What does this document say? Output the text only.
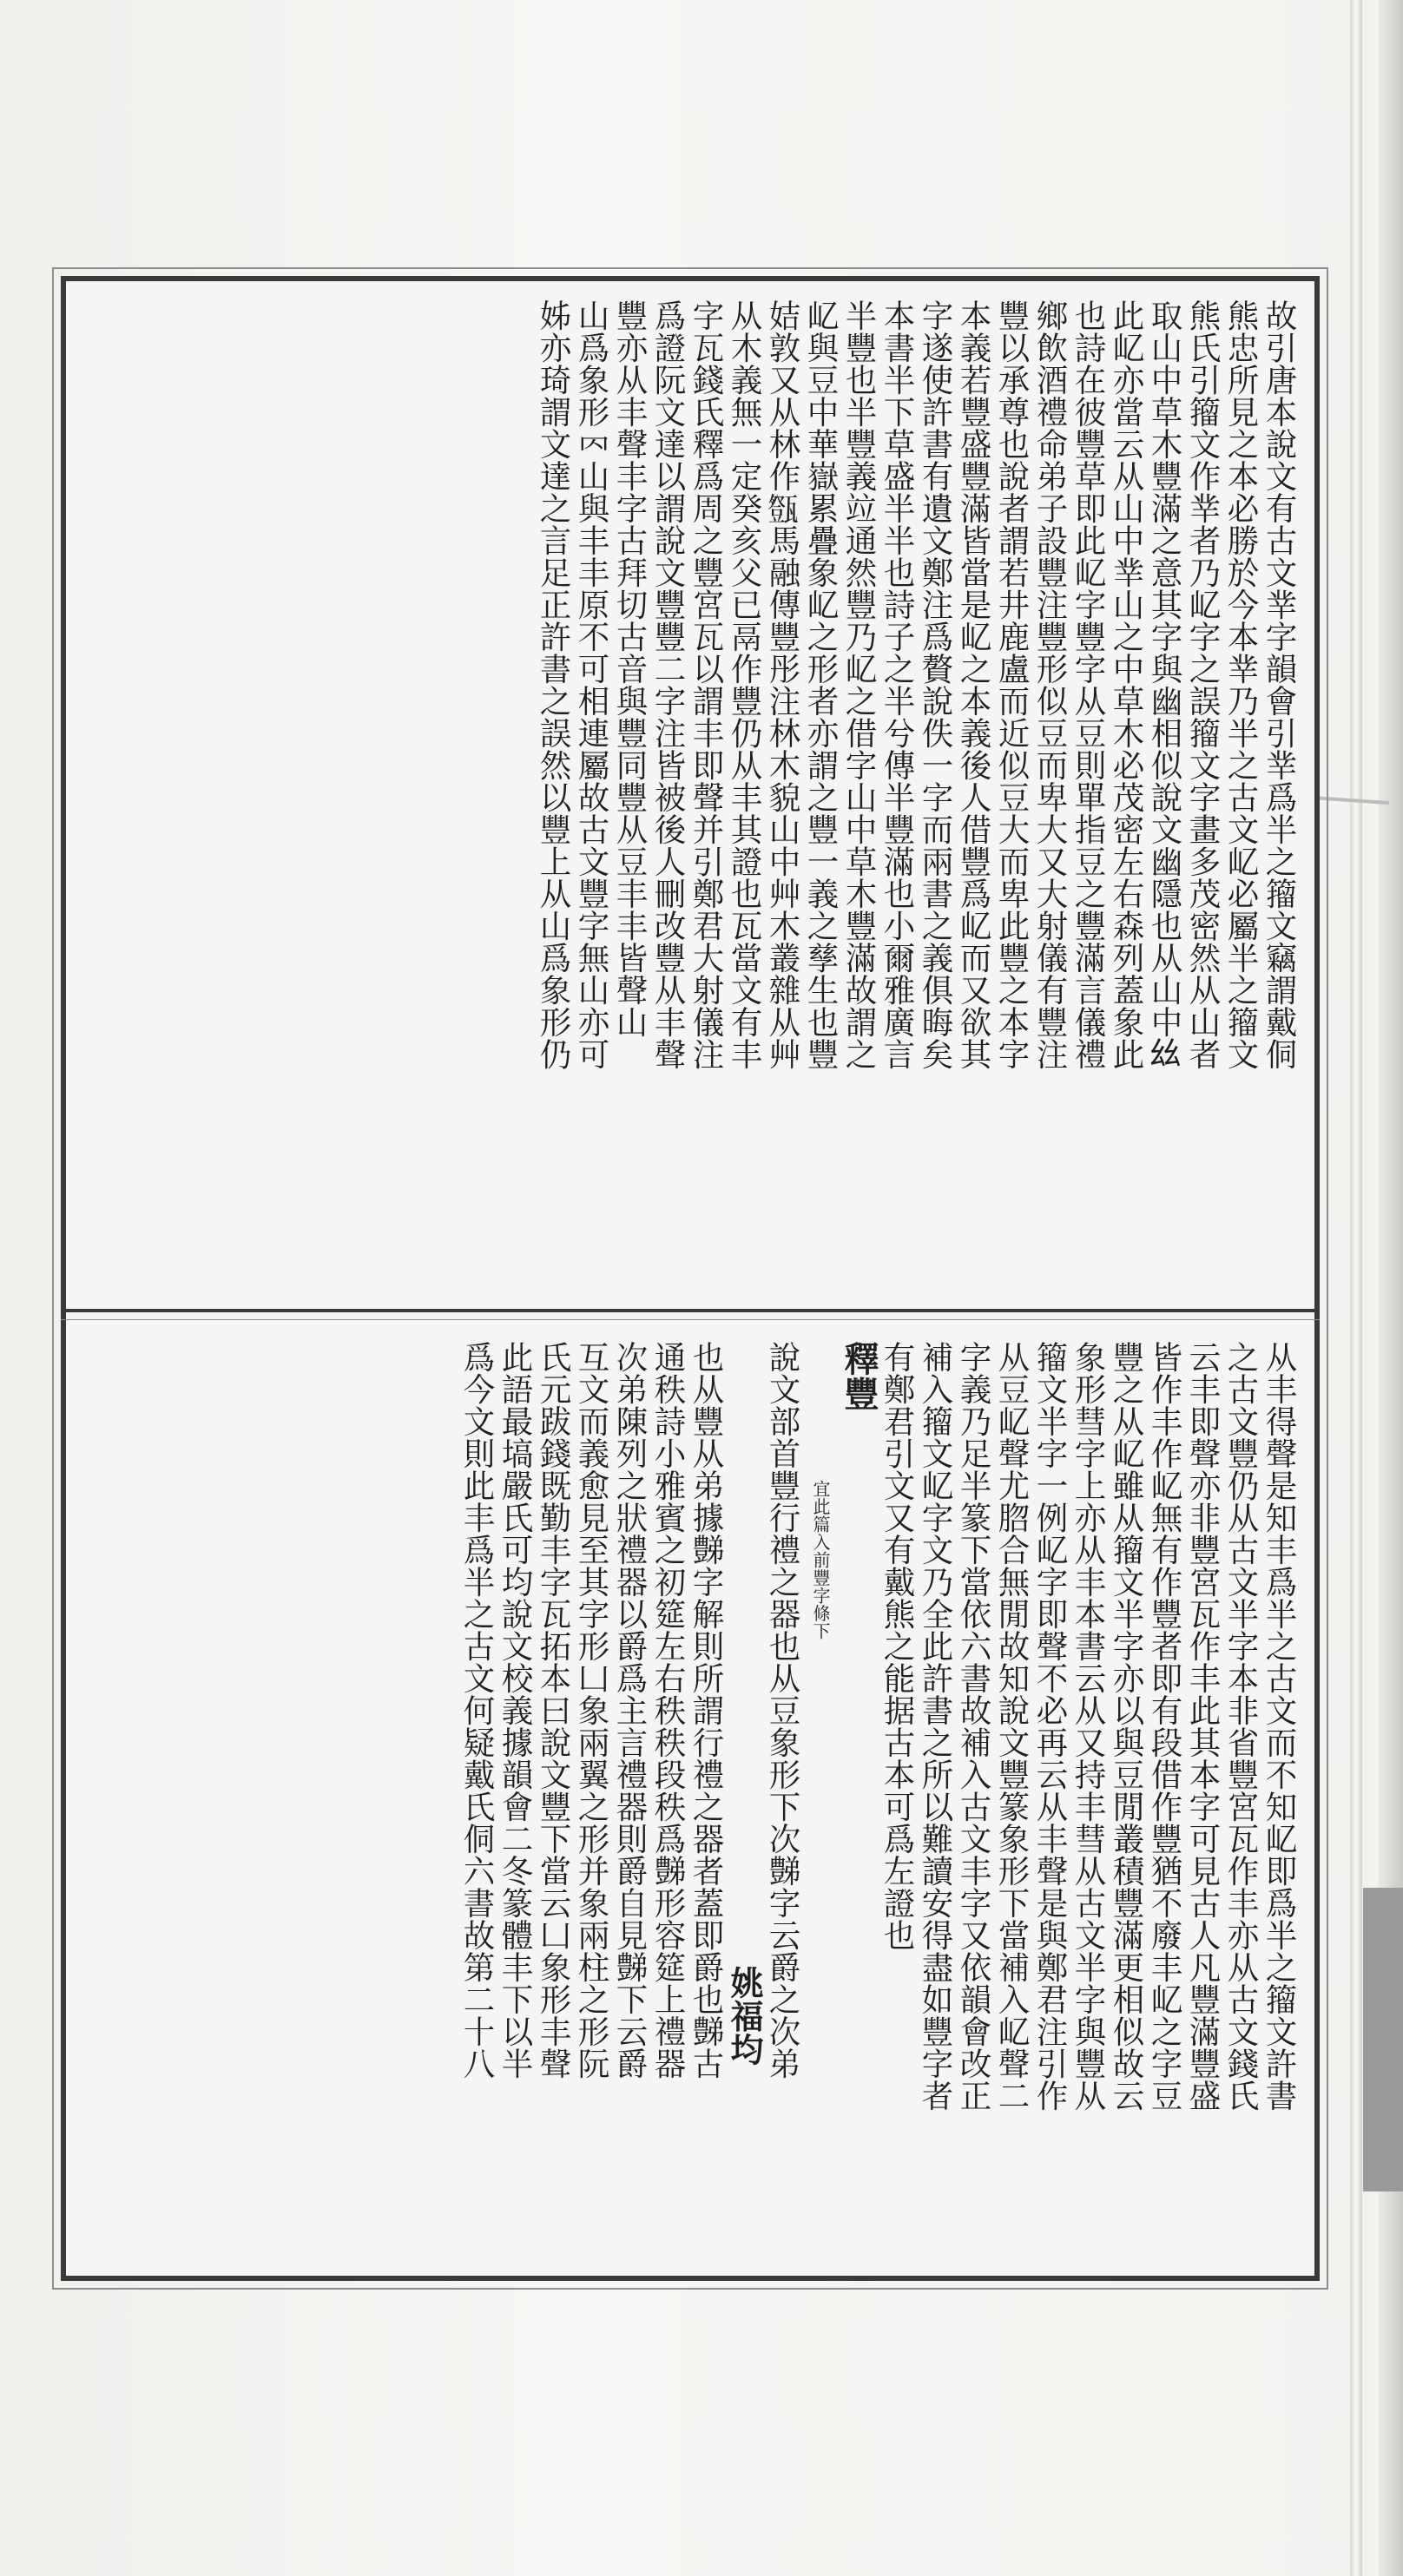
故引唐本說文有古文丵字韻會引丵爲半之籀文竊謂戴侗
熊忠所見之本必勝於今本丵乃半之古文𡴭必屬半之籀文
熊氏引籀文作丵者乃𡴭字之誤籀文字畫多茂密然从山者
取山中草木豐滿之意其字與幽相似說文幽隱也从山中𢆶
此𡴭亦當云从山中丵山之中草木必茂密左右森列蓋象此
也詩在彼豐草即此𡴭字豐字从豆則單指豆之豐滿言儀禮
鄉飲酒禮命弟子設豐注豐形似豆而卑大又大射儀有豐注
豐以承尊也說者謂若井鹿盧而近似豆大而卑此豐之本字
本義若豐盛豐滿皆當是𡴭之本義後人借豐爲𡴭而又欲其
字遂使許書有遺文鄭注爲贅說佚一字而兩書之義俱晦矣
本書半下草盛半半也詩子之半兮傳半豐滿也小爾雅廣言
半豐也半豐義竝通然豐乃𡴭之借字山中草木豐滿故謂之
𡴭與豆中華嶽累疊象𡴭之形者亦謂之豐一義之孳生也豐
姞敦又从林作𤮘馬融傳豐彤注林木貌山中艸木叢雜从艸
从木義無一定癸亥父已鬲作豐仍从丰其證也瓦當文有丰
字瓦錢氏釋爲周之豐宮瓦以謂丰即聲并引鄭君大射儀注
爲證阮文達以謂說文豐豐二字注皆被後人刪改豐从丰聲
豐亦从丰聲丰字古拜切古音與豐同豐从豆丰丰皆聲山
山爲象形𠔿山與丰丰原不可相連屬故古文豐字無山亦可
姊亦琦謂文達之言足正許書之誤然以豐上从山爲象形仍
从丰得聲是知丰爲半之古文而不知𡴭即爲半之籀文許書
之古文豐仍从古文半字本非省豐宮瓦作丰亦从古文錢氏
云丰即聲亦非豐宮瓦作丰此其本字可見古人凡豐滿豐盛
皆作丰作𡴭無有作豐者即有段借作豐猶不廢丰𡴭之字豆
豐之从𡴭雖从籀文半字亦以與豆閒叢積豐滿更相似故云
象形彗字上亦从丰本書云从又持丰彗从古文半字與豐从
籀文半字一例𡴭字即聲不必再云从丰聲是與鄭君注引作
从豆𡴭聲尤脗合無閒故知說文豐篆象形下當補入𡴭聲二
字義乃足半篆下當依六書故補入古文丰字又依韻會改正
補入籀文𡴭字文乃全此許書之所以難讀安得盡如豐字者
有鄭君引文又有戴熊之能据古本可爲左證也
釋豐
宜此篇入前豐字條下
說文部首豐行禮之器也从豆象形下次豑字云爵之次弟
姚福均
也从豐从弟據豑字解則所謂行禮之器者蓋即爵也豑古
通秩詩小雅賓之初筵左右秩秩段秩爲豑形容筵上禮器
次弟陳列之狀禮器以爵爲主言禮器則爵自見豑下云爵
互文而義愈見至其字形凵象兩翼之形并象兩柱之形阮
氏元跋錢既勤丰字瓦拓本曰說文豐下當云凵象形丰聲
此語最塙嚴氏可均說文校義據韻會二冬篆體丰下以半
爲今文則此丰爲半之古文何疑戴氏侗六書故第二十八
